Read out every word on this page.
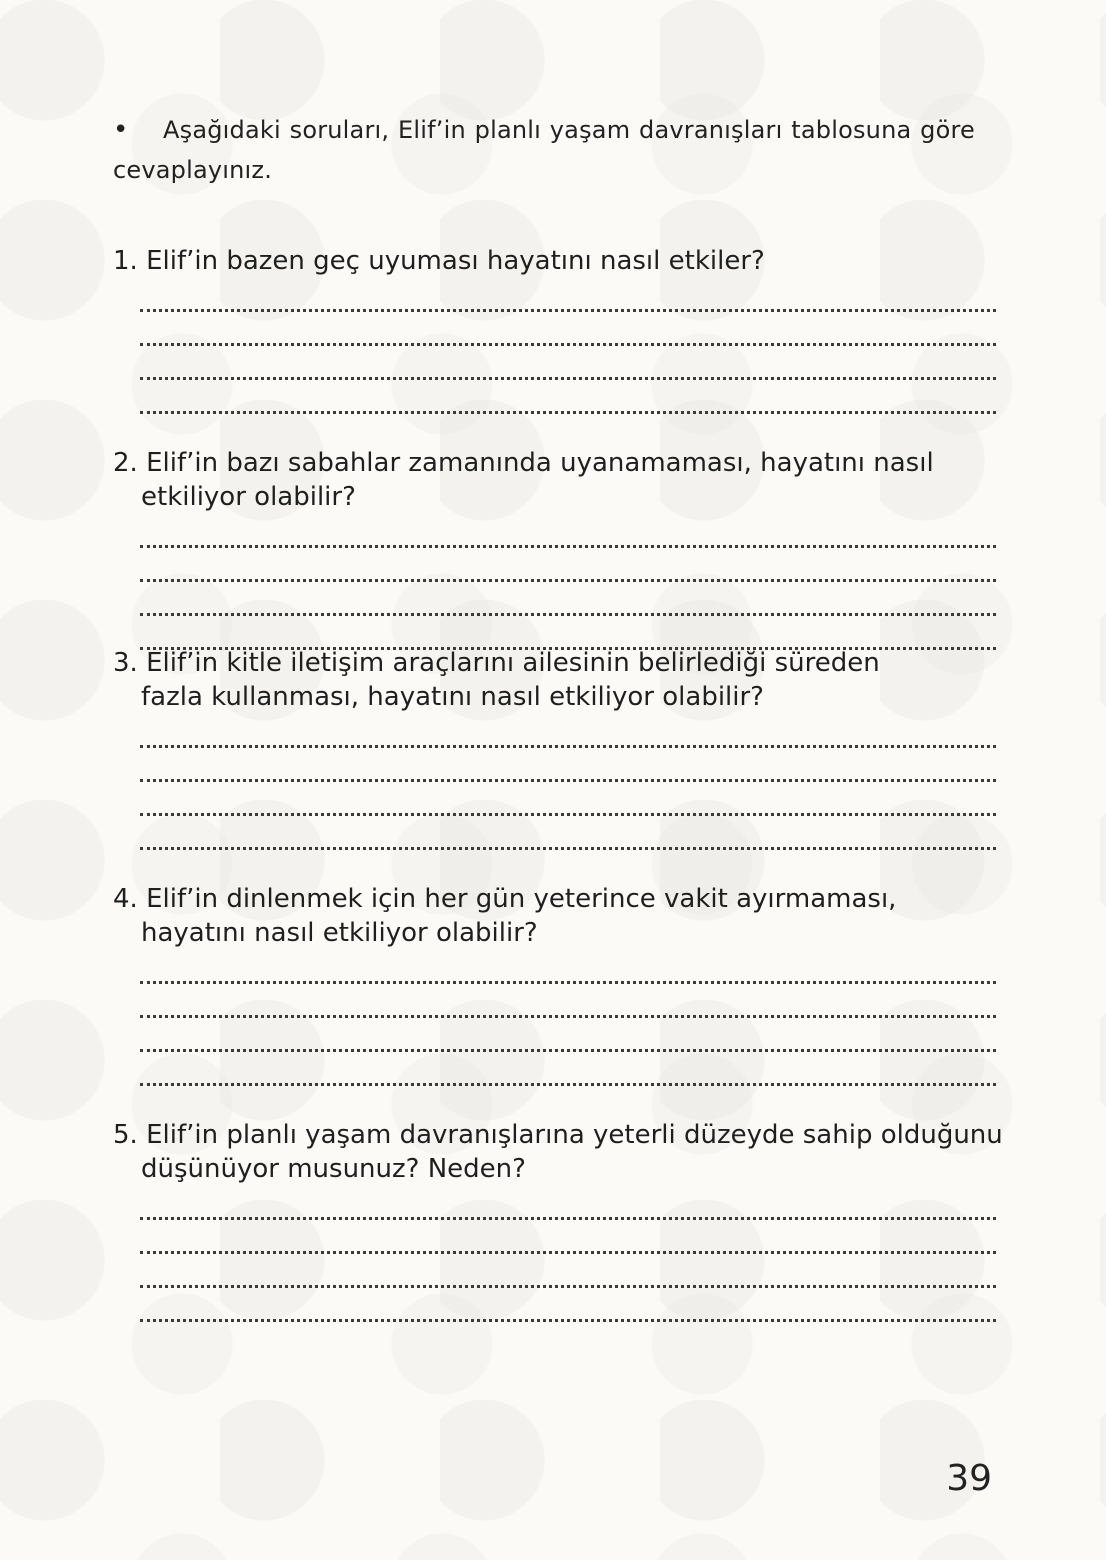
• Aşağıdaki soruları, Elif’in planlı yaşam davranışları tablosuna göre cevaplayınız.
1. Elif’in bazen geç uyuması hayatını nasıl etkiler?
2. Elif’in bazı sabahlar zamanında uyanamaması, hayatını nasıl etkiliyor olabilir?
3. Elif’in kitle iletişim araçlarını ailesinin belirlediği süreden fazla kullanması, hayatını nasıl etkiliyor olabilir?
4. Elif’in dinlenmek için her gün yeterince vakit ayırmaması, hayatını nasıl etkiliyor olabilir?
5. Elif’in planlı yaşam davranışlarına yeterli düzeyde sahip olduğunu düşünüyor musunuz? Neden?
39
